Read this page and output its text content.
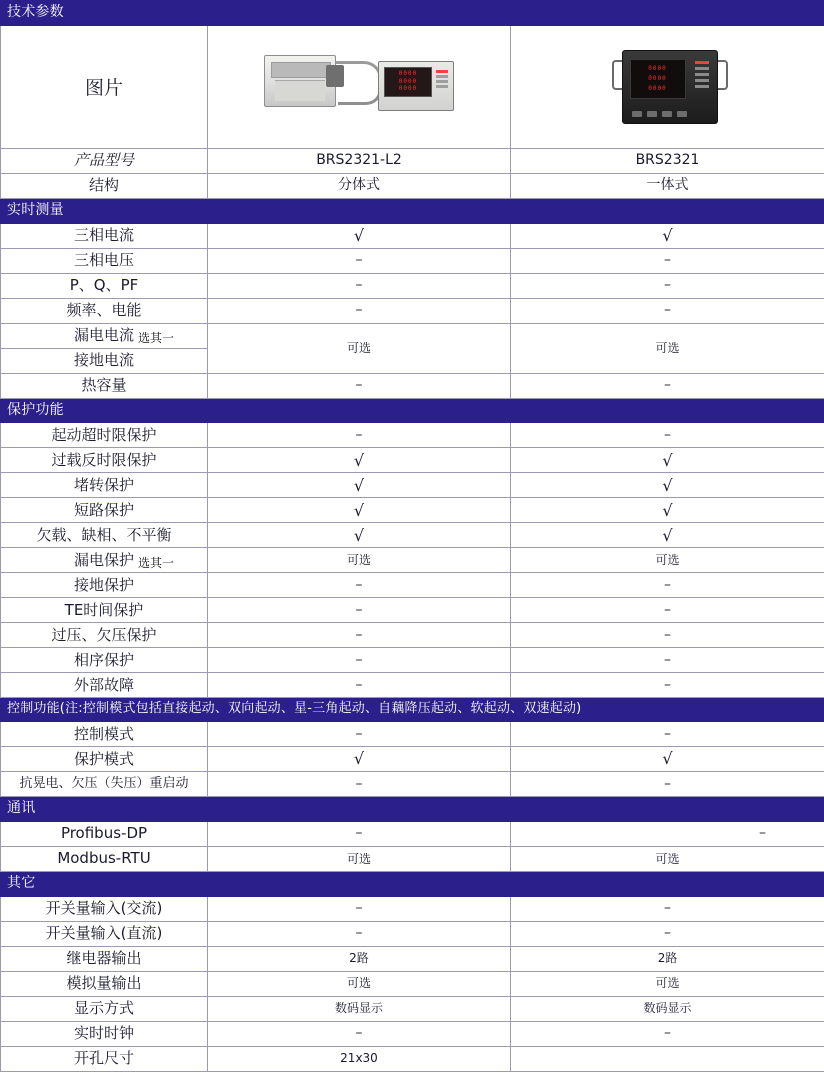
技术参数		
图片	
0000
0000
0000

0000
0000
0000

产品型号	BRS2321-L2	BRS2321
结构	分体式	一体式
实时测量		
三相电流	√	√
三相电压	–	–
P、Q、PF	–	–
频率、电能	–	–

漏电电流 选其一	可选	可选
接地电流		
热容量	–	–
保护功能		
起动超时限保护	–	–
过载反时限保护	√	√
堵转保护	√	√
短路保护	√	√
欠载、缺相、不平衡	√	√

漏电保护 选其一	可选	可选
接地保护	–	–
TE时间保护	–	–
过压、欠压保护	–	–
相序保护	–	–
外部故障	–	–
控制功能(注:控制模式包括直接起动、双向起动、星-三角起动、自藕降压起动、软起动、双速起动)		
控制模式	–	–
保护模式	√	√
抗晃电、欠压（失压）重启动	–	–
通讯		
Profibus-DP	–	–
Modbus-RTU	可选	可选
其它		
开关量输入(交流)	–	–
开关量输入(直流)	–	–
继电器输出	2路	2路
模拟量输出	可选	可选
显示方式	数码显示	数码显示
实时时钟	–	–
开孔尺寸	21x30	
